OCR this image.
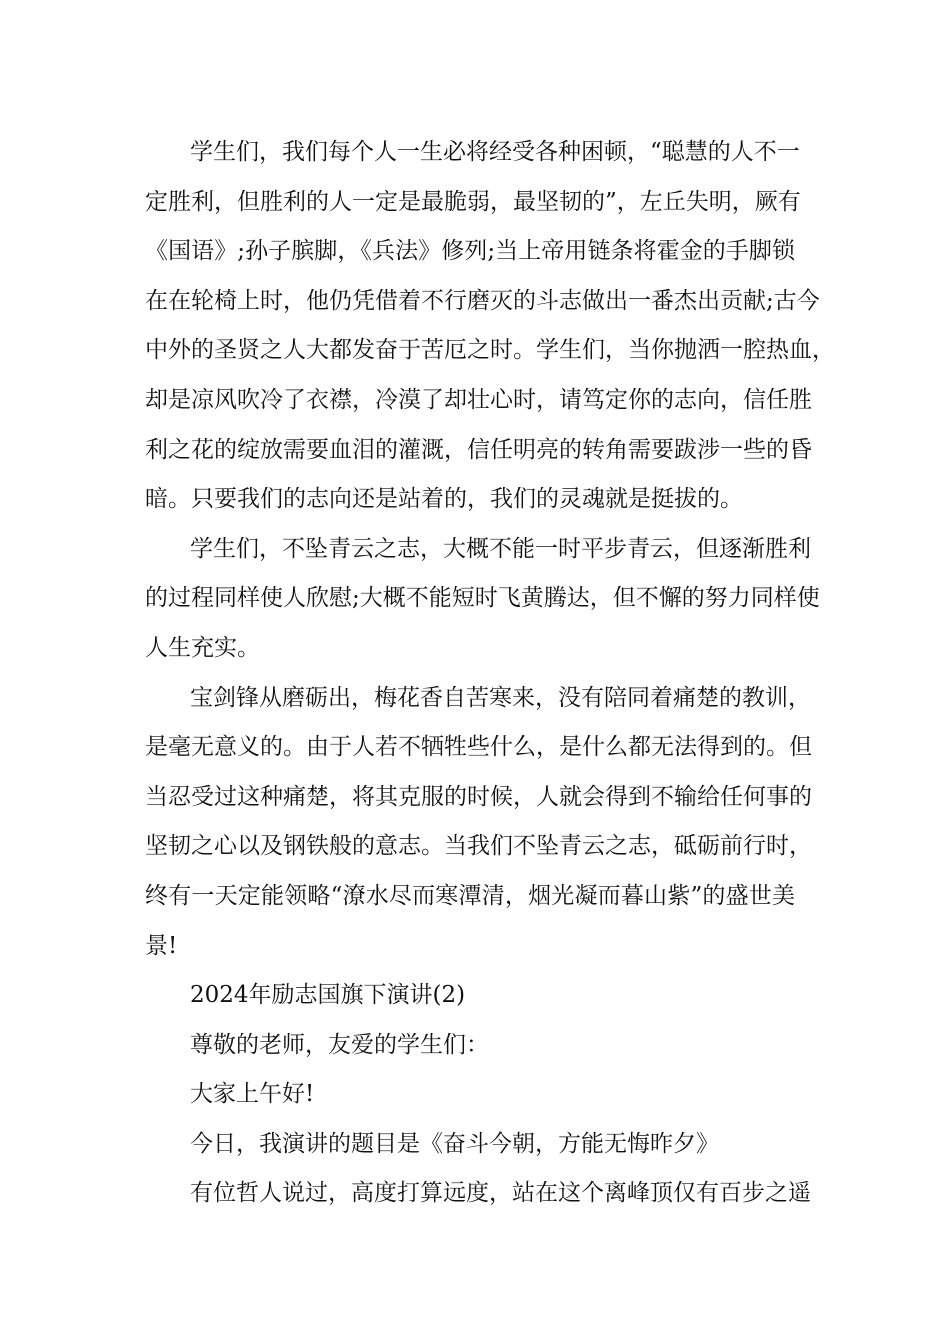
学生们，我们每个人一生必将经受各种困顿，“聪慧的人不一
定胜利，但胜利的人一定是最脆弱，最坚韧的”，左丘失明，厥有
《国语》;孙子膑脚，《兵法》修列;当上帝用链条将霍金的手脚锁
在在轮椅上时，他仍凭借着不行磨灭的斗志做出一番杰出贡献;古今
中外的圣贤之人大都发奋于苦厄之时。学生们，当你抛洒一腔热血，
却是凉风吹冷了衣襟，冷漠了却壮心时，请笃定你的志向，信任胜
利之花的绽放需要血泪的灌溉，信任明亮的转角需要跋涉一些的昏
暗。只要我们的志向还是站着的，我们的灵魂就是挺拔的。
学生们，不坠青云之志，大概不能一时平步青云，但逐渐胜利
的过程同样使人欣慰;大概不能短时飞黄腾达，但不懈的努力同样使
人生充实。
宝剑锋从磨砺出，梅花香自苦寒来，没有陪同着痛楚的教训，
是毫无意义的。由于人若不牺牲些什么，是什么都无法得到的。但
当忍受过这种痛楚，将其克服的时候，人就会得到不输给任何事的
坚韧之心以及钢铁般的意志。当我们不坠青云之志，砥砺前行时，
终有一天定能领略“潦水尽而寒潭清，烟光凝而暮山紫”的盛世美
景!
2024年励志国旗下演讲(2)
尊敬的老师，友爱的学生们：
大家上午好!
今日，我演讲的题目是《奋斗今朝，方能无悔昨夕》
有位哲人说过，高度打算远度，站在这个离峰顶仅有百步之遥
